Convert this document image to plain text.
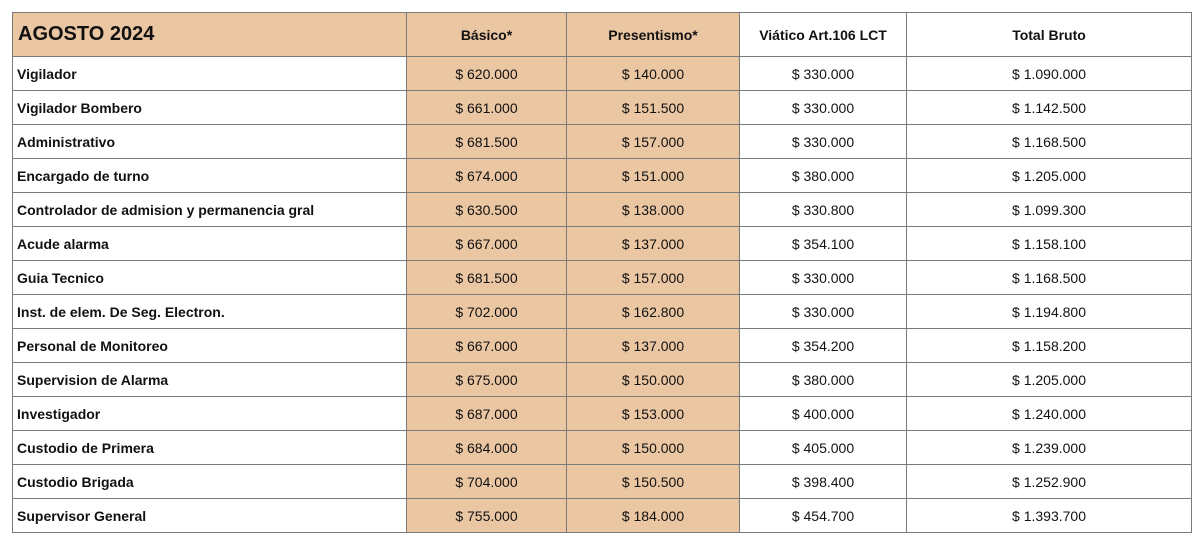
AGOSTO 2024	Básico*	Presentismo*	Viático Art.106 LCT	Total Bruto
Vigilador	$ 620.000	$ 140.000	$ 330.000	$ 1.090.000
Vigilador Bombero	$ 661.000	$ 151.500	$ 330.000	$ 1.142.500
Administrativo	$ 681.500	$ 157.000	$ 330.000	$ 1.168.500
Encargado de turno	$ 674.000	$ 151.000	$ 380.000	$ 1.205.000
Controlador de admision y permanencia gral	$ 630.500	$ 138.000	$ 330.800	$ 1.099.300
Acude alarma	$ 667.000	$ 137.000	$ 354.100	$ 1.158.100
Guia Tecnico	$ 681.500	$ 157.000	$ 330.000	$ 1.168.500
Inst. de elem. De Seg. Electron.	$ 702.000	$ 162.800	$ 330.000	$ 1.194.800
Personal de Monitoreo	$ 667.000	$ 137.000	$ 354.200	$ 1.158.200
Supervision de Alarma	$ 675.000	$ 150.000	$ 380.000	$ 1.205.000
Investigador	$ 687.000	$ 153.000	$ 400.000	$ 1.240.000
Custodio de Primera	$ 684.000	$ 150.000	$ 405.000	$ 1.239.000
Custodio Brigada	$ 704.000	$ 150.500	$ 398.400	$ 1.252.900
Supervisor General	$ 755.000	$ 184.000	$ 454.700	$ 1.393.700
